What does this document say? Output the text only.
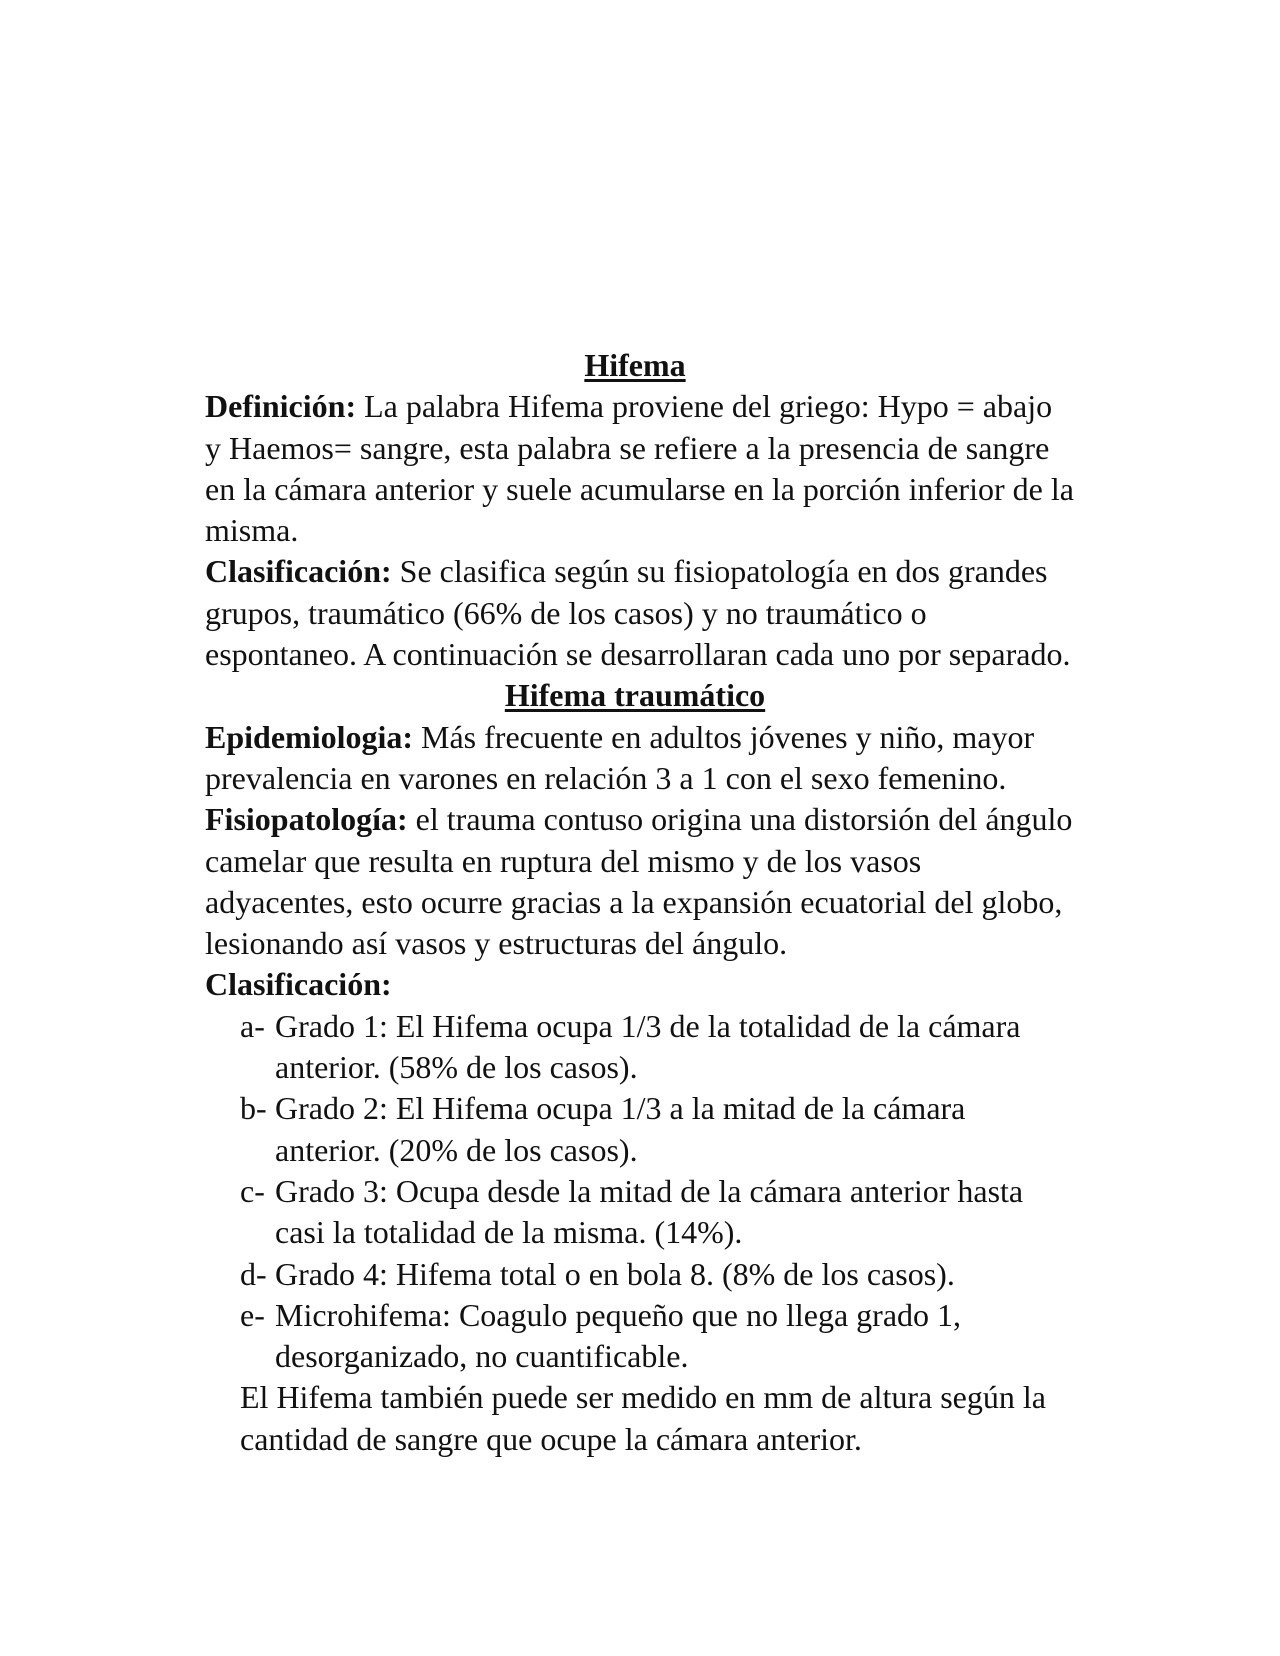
Hifema

Definición: La palabra Hifema proviene del griego: Hypo = abajo y Haemos= sangre, esta palabra se refiere a la presencia de sangre en la cámara anterior y suele acumularse en la porción inferior de la misma.

Clasificación: Se clasifica según su fisiopatología en dos grandes grupos, traumático (66% de los casos) y no traumático o espontaneo. A continuación se desarrollaran cada uno por separado.

Hifema traumático

Epidemiologia: Más frecuente en adultos jóvenes y niño, mayor prevalencia en varones en relación 3 a 1 con el sexo femenino.

Fisiopatología: el trauma contuso origina una distorsión del ángulo camelar que resulta en ruptura del mismo y de los vasos adyacentes, esto ocurre gracias a la expansión ecuatorial del globo, lesionando así vasos y estructuras del ángulo.

Clasificación:

a- Grado 1: El Hifema ocupa 1/3 de la totalidad de la cámara anterior. (58% de los casos).
b- Grado 2: El Hifema ocupa 1/3 a la mitad de la cámara anterior. (20% de los casos).
c- Grado 3: Ocupa desde la mitad de la cámara anterior hasta casi la totalidad de la misma. (14%).
d- Grado 4: Hifema total o en bola 8. (8% de los casos).
e- Microhifema: Coagulo pequeño que no llega grado 1, desorganizado, no cuantificable.

El Hifema también puede ser medido en mm de altura según la cantidad de sangre que ocupe la cámara anterior.
